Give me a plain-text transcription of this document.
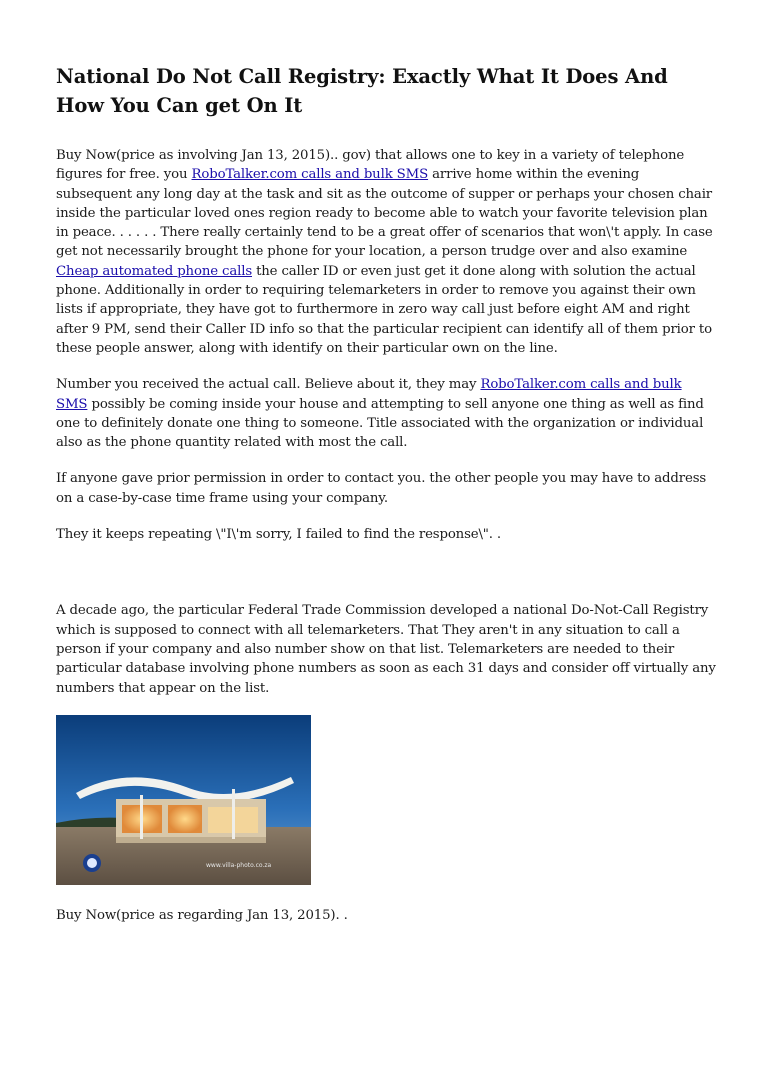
National Do Not Call Registry: Exactly What It Does And How You Can get On It

Buy Now(price as involving Jan 13, 2015).. gov) that allows one to key in a variety of telephone figures for free. you RoboTalker.com calls and bulk SMS arrive home within the evening subsequent any long day at the task and sit as the outcome of supper or perhaps your chosen chair inside the particular loved ones region ready to become able to watch your favorite television plan in peace. . . . . . There really certainly tend to be a great offer of scenarios that won\'t apply. In case get not necessarily brought the phone for your location, a person trudge over and also examine Cheap automated phone calls the caller ID or even just get it done along with solution the actual phone. Additionally in order to requiring telemarketers in order to remove you against their own lists if appropriate, they have got to furthermore in zero way call just before eight AM and right after 9 PM, send their Caller ID info so that the particular recipient can identify all of them prior to these people answer, along with identify on their particular own on the line.

Number you received the actual call. Believe about it, they may RoboTalker.com calls and bulk SMS possibly be coming inside your house and attempting to sell anyone one thing as well as find one to definitely donate one thing to someone. Title associated with the organization or individual also as the phone quantity related with most the call.

If anyone gave prior permission in order to contact you. the other people you may have to address on a case-by-case time frame using your company.

They it keeps repeating \"I\'m sorry, I failed to find the response\". .

A decade ago, the particular Federal Trade Commission developed a national Do-Not-Call Registry which is supposed to connect with all telemarketers. That They aren't in any situation to call a person if your company and also number show on that list. Telemarketers are needed to their particular database involving phone numbers as soon as each 31 days and consider off virtually any numbers that appear on the list.

www.villa-photo.co.za

Buy Now(price as regarding Jan 13, 2015). .
